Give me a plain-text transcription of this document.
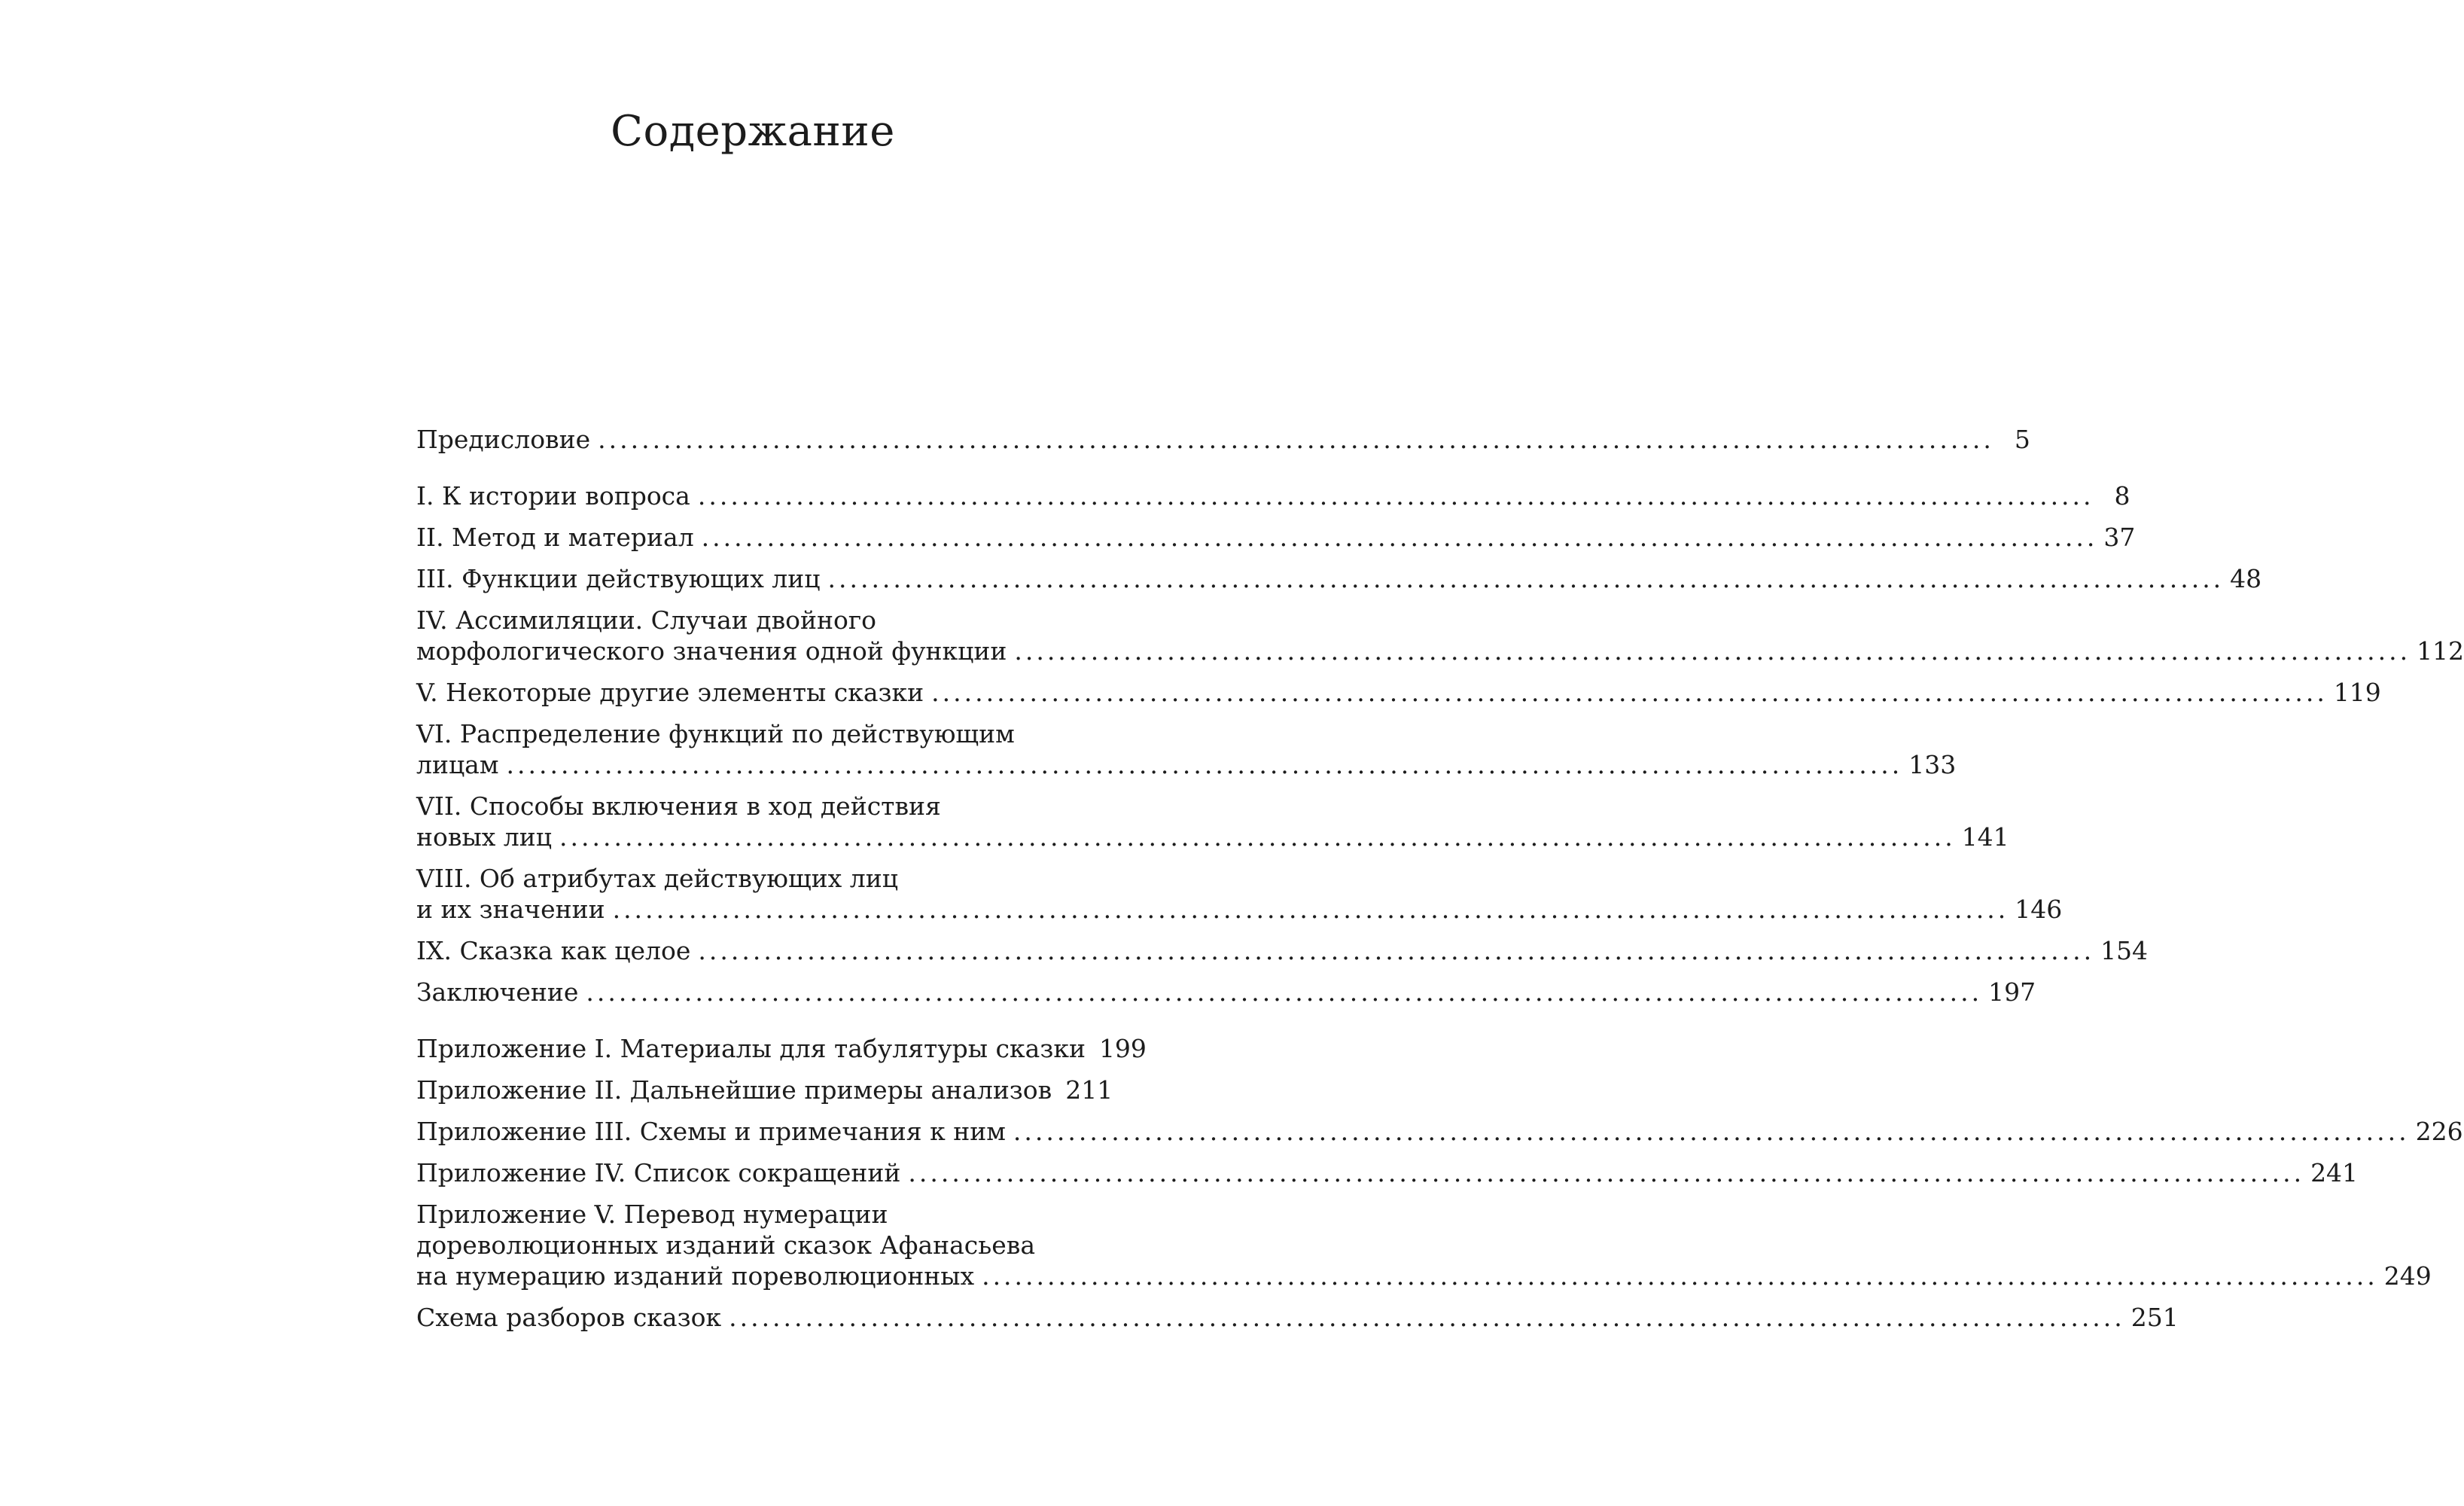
Содержание
Предисловие ................................................................................................................................ 5
I. К истории вопроса ................................................................................................................................ 8
II. Метод и материал ................................................................................................................................ 37
III. Функции действующих лиц ................................................................................................................................ 48
IV. Ассимиляции. Случаи двойного
морфологического значения одной функции ................................................................................................................................ 112
V. Некоторые другие элементы сказки ................................................................................................................................ 119
VI. Распределение функций по действующим
лицам ................................................................................................................................ 133
VII. Способы включения в ход действия
новых лиц ................................................................................................................................ 141
VIII. Об атрибутах действующих лиц
и их значении ................................................................................................................................ 146
IX. Сказка как целое ................................................................................................................................ 154
Заключение ................................................................................................................................ 197
Приложение I. Материалы для табулятуры сказки 199
Приложение II. Дальнейшие примеры анализов 211
Приложение III. Схемы и примечания к ним ................................................................................................................................ 226
Приложение IV. Список сокращений ................................................................................................................................ 241
Приложение V. Перевод нумерации
дореволюционных изданий сказок Афанасьева
на нумерацию изданий пореволюционных ................................................................................................................................ 249
Схема разборов сказок ................................................................................................................................ 251
